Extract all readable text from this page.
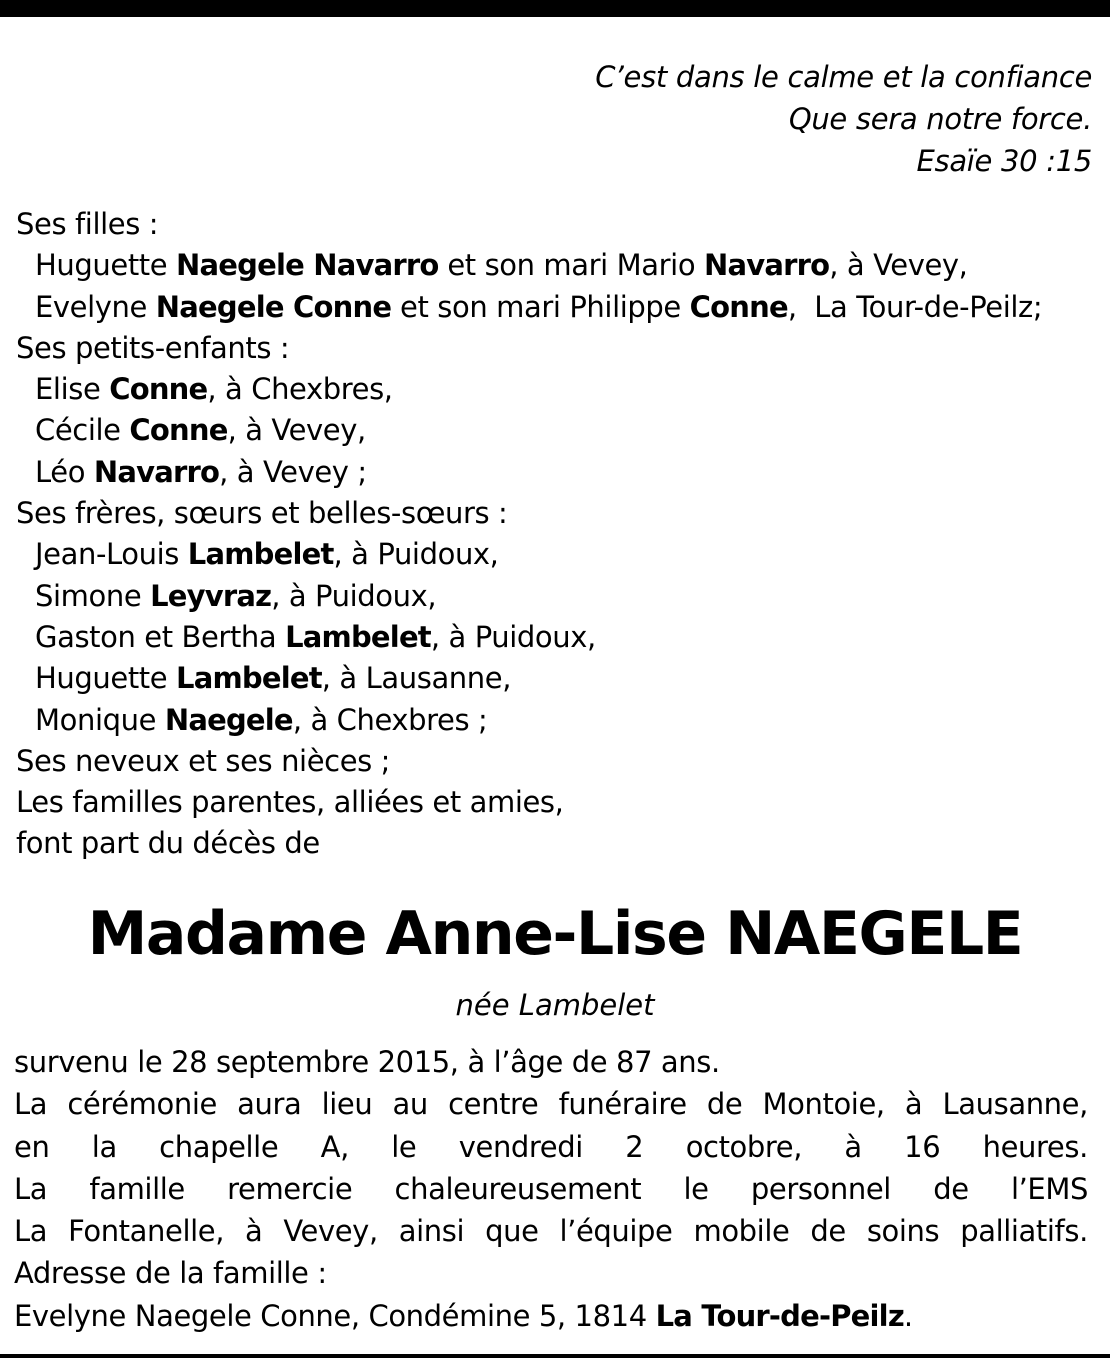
C’est dans le calme et la confiance
Que sera notre force.
Esaïe 30 :15
Ses filles :
Huguette Naegele Navarro et son mari Mario Navarro, à Vevey,
Evelyne Naegele Conne et son mari Philippe Conne,  La Tour-de-Peilz;
Ses petits-enfants :
Elise Conne, à Chexbres,
Cécile Conne, à Vevey,
Léo Navarro, à Vevey ;
Ses frères, sœurs et belles-sœurs :
Jean-Louis Lambelet, à Puidoux,
Simone Leyvraz, à Puidoux,
Gaston et Bertha Lambelet, à Puidoux,
Huguette Lambelet, à Lausanne,
Monique Naegele, à Chexbres ;
Ses neveux et ses nièces ;
Les familles parentes, alliées et amies,
font part du décès de
Madame Anne-Lise NAEGELE
née Lambelet
survenu le 28 septembre 2015, à l’âge de 87 ans.
La cérémonie aura lieu au centre funéraire de Montoie, à Lausanne,
en la chapelle A, le vendredi 2 octobre, à 16 heures.
La famille remercie chaleureusement le personnel de l’EMS
La Fontanelle, à Vevey, ainsi que l’équipe mobile de soins palliatifs.
Adresse de la famille :
Evelyne Naegele Conne, Condémine 5, 1814 La Tour-de-Peilz.
